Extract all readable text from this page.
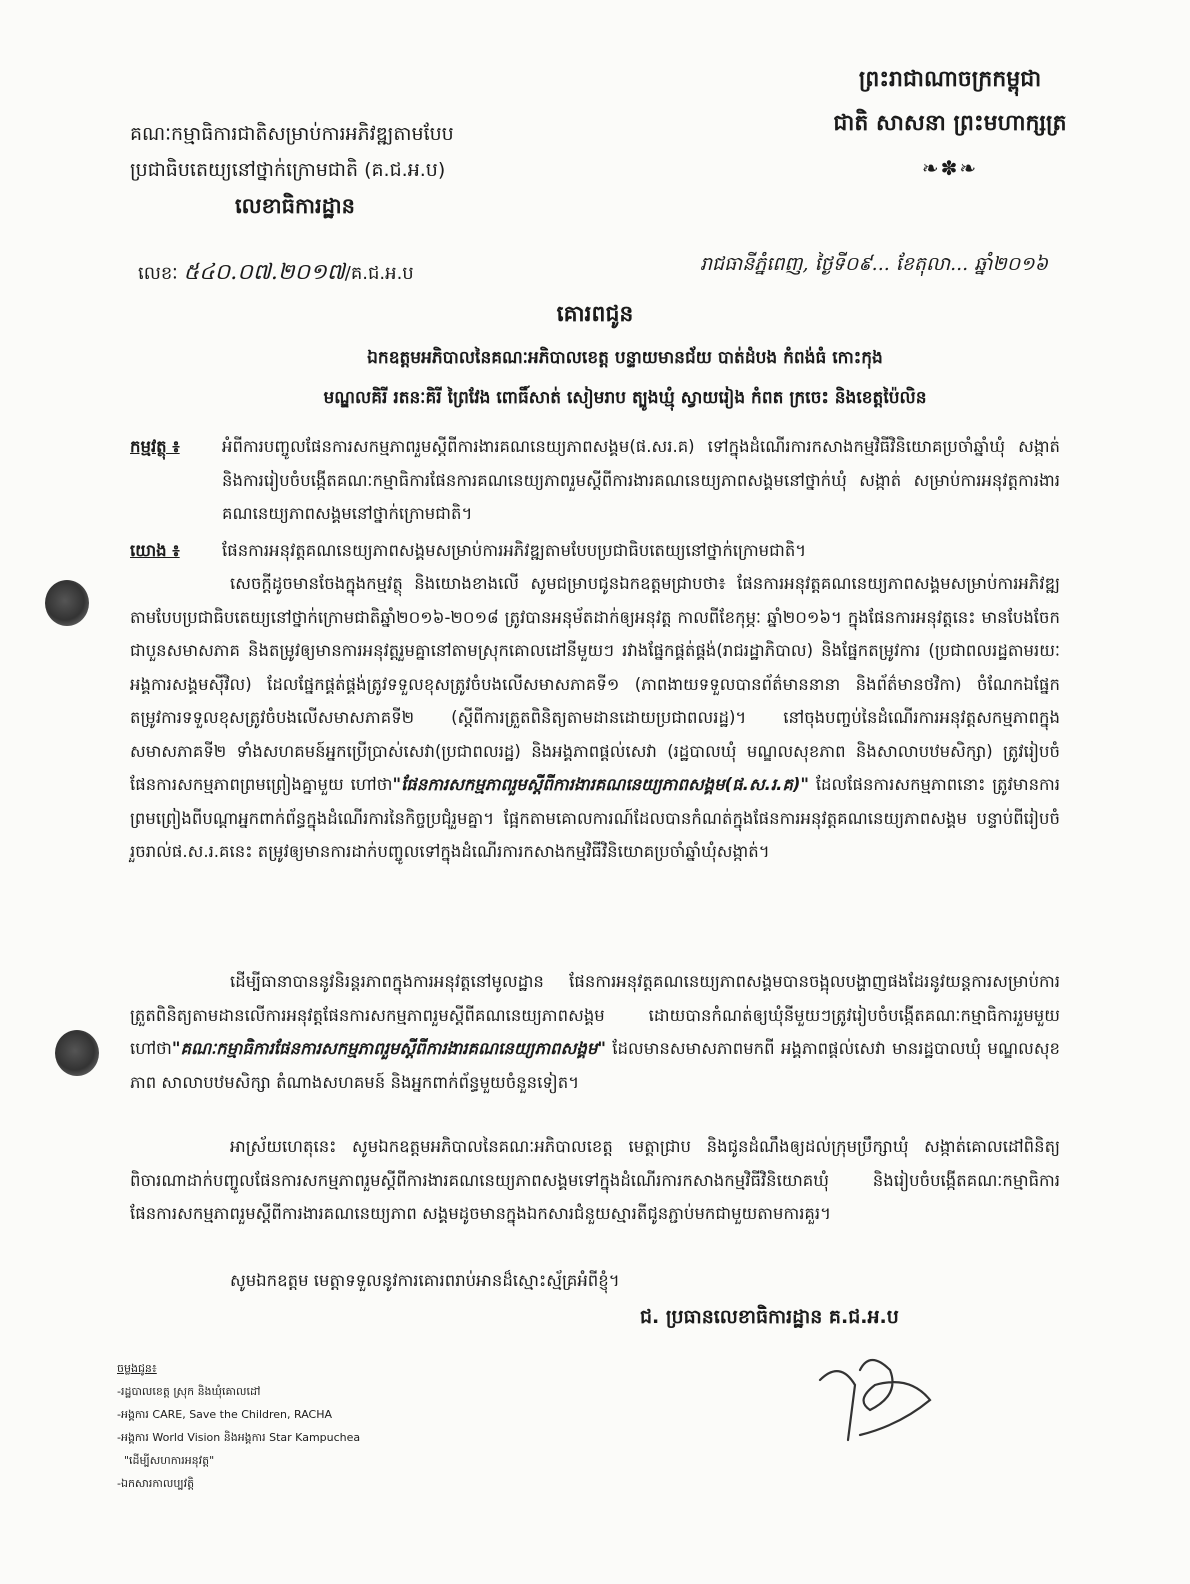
ព្រះរាជាណាចក្រកម្ពុជា
ជាតិ សាសនា ព្រះមហាក្សត្រ
❧✽❧
គណៈកម្មាធិការជាតិសម្រាប់ការអភិវឌ្ឍតាមបែប
ប្រជាធិបតេយ្យនៅថ្នាក់ក្រោមជាតិ (គ.ជ.អ.ប)
លេខាធិការដ្ឋាន
លេខៈ ៥៤០.០៧.២០១៧/គ.ជ.អ.ប	រាជធានីភ្នំពេញ, ថ្ងៃទី០៩... ខែតុលា... ឆ្នាំ២០១៦
គោរពជូន
ឯកឧត្តមអភិបាលនៃគណៈអភិបាលខេត្ត បន្ទាយមានជ័យ បាត់ដំបង កំពង់ធំ កោះកុង
មណ្ឌលគិរី រតនៈគិរី ព្រៃវែង ពោធិ៍សាត់ សៀមរាប ត្បូងឃ្មុំ ស្វាយរៀង កំពត ក្រចេះ និងខេត្តប៉ៃលិន
កម្មវត្ថុ ៖	អំពីការបញ្ចូលផែនការសកម្មភាពរួមស្តីពីការងារគណនេយ្យភាពសង្គម(ផ.សរ.គ) ទៅក្នុងដំណើរការកសាងកម្មវិធីវិនិយោគប្រចាំឆ្នាំឃុំ សង្កាត់ និងការរៀបចំបង្កើតគណៈកម្មាធិការផែនការគណនេយ្យភាពរួមស្តីពីការងារគណនេយ្យភាពសង្គមនៅថ្នាក់ឃុំ សង្កាត់ សម្រាប់ការអនុវត្តការងារគណនេយ្យភាពសង្គមនៅថ្នាក់ក្រោមជាតិ។
យោង ៖	ផែនការអនុវត្តគណនេយ្យភាពសង្គមសម្រាប់ការអភិវឌ្ឍតាមបែបប្រជាធិបតេយ្យនៅថ្នាក់ក្រោមជាតិ។
សេចក្តីដូចមានចែងក្នុងកម្មវត្ថុ និងយោងខាងលើ សូមជម្រាបជូនឯកឧត្តមជ្រាបថា៖ ផែនការអនុវត្តគណនេយ្យភាពសង្គមសម្រាប់ការអភិវឌ្ឍតាមបែបប្រជាធិបតេយ្យនៅថ្នាក់ក្រោមជាតិឆ្នាំ២០១៦-២០១៨ ត្រូវបានអនុម័តដាក់ឲ្យអនុវត្ត កាលពីខែកុម្ភៈ ឆ្នាំ២០១៦។ ក្នុងផែនការអនុវត្តនេះ មានបែងចែកជាបួនសមាសភាគ និងតម្រូវឲ្យមានការអនុវត្តរួមគ្នានៅតាមស្រុកគោលដៅនីមួយៗ រវាងផ្នែកផ្គត់ផ្គង់(រាជរដ្ឋាភិបាល) និងផ្នែកតម្រូវការ (ប្រជាពលរដ្ឋតាមរយៈអង្គការសង្គមស៊ីវិល) ដែលផ្នែកផ្គត់ផ្គង់ត្រូវទទួលខុសត្រូវចំបងលើសមាសភាគទី១ (ភាពងាយទទួលបានព័ត៌មាននានា និងព័ត៌មានថវិកា) ចំណែកឯផ្នែកតម្រូវការទទួលខុសត្រូវចំបងលើសមាសភាគទី២ (ស្តីពីការត្រួតពិនិត្យតាមដានដោយប្រជាពលរដ្ឋ)។ នៅចុងបញ្ចប់នៃដំណើរការអនុវត្តសកម្មភាពក្នុងសមាសភាគទី២ ទាំងសហគមន៍អ្នកប្រើប្រាស់សេវា(ប្រជាពលរដ្ឋ) និងអង្គភាពផ្តល់សេវា (រដ្ឋបាលឃុំ មណ្ឌលសុខភាព និងសាលាបឋមសិក្សា) ត្រូវរៀបចំផែនការសកម្មភាពព្រមព្រៀងគ្នាមួយ ហៅថា"ផែនការសកម្មភាពរួមស្តីពីការងារគណនេយ្យភាពសង្គម(ផ.ស.រ.គ)" ដែលផែនការសកម្មភាពនោះ ត្រូវមានការព្រមព្រៀងពីបណ្តាអ្នកពាក់ព័ន្ធក្នុងដំណើរការនៃកិច្ចប្រជុំរួមគ្នា។ ផ្អែកតាមគោលការណ៍ដែលបានកំណត់ក្នុងផែនការអនុវត្តគណនេយ្យភាពសង្គម បន្ទាប់ពីរៀបចំរួចរាល់ផ.ស.រ.គនេះ តម្រូវឲ្យមានការដាក់បញ្ចូលទៅក្នុងដំណើរការកសាងកម្មវិធីវិនិយោគប្រចាំឆ្នាំឃុំសង្កាត់។
ដើម្បីធានាបាននូវនិរន្តរភាពក្នុងការអនុវត្តនៅមូលដ្ឋាន ផែនការអនុវត្តគណនេយ្យភាពសង្គមបានចង្អុលបង្ហាញផងដែរនូវយន្តការសម្រាប់ការត្រួតពិនិត្យតាមដានលើការអនុវត្តផែនការសកម្មភាពរួមស្តីពីគណនេយ្យភាពសង្គម ដោយបានកំណត់ឲ្យឃុំនីមួយៗត្រូវរៀបចំបង្កើតគណៈកម្មាធិការរួមមួយហៅថា"គណៈកម្មាធិការផែនការសកម្មភាពរួមស្តីពីការងារគណនេយ្យភាពសង្គម" ដែលមានសមាសភាពមកពី អង្គភាពផ្តល់សេវា មានរដ្ឋបាលឃុំ មណ្ឌលសុខភាព សាលាបឋមសិក្សា តំណាងសហគមន៍ និងអ្នកពាក់ព័ន្ធមួយចំនួនទៀត។
អាស្រ័យហេតុនេះ សូមឯកឧត្តមអភិបាលនៃគណៈអភិបាលខេត្ត មេត្តាជ្រាប និងជូនដំណឹងឲ្យដល់ក្រុមប្រឹក្សាឃុំ សង្កាត់គោលដៅពិនិត្យ ពិចារណាដាក់បញ្ចូលផែនការសកម្មភាពរួមស្តីពីការងារគណនេយ្យភាពសង្គមទៅក្នុងដំណើរការកសាងកម្មវិធីវិនិយោគឃុំ និងរៀបចំបង្កើតគណៈកម្មាធិការផែនការសកម្មភាពរួមស្តីពីការងារគណនេយ្យភាព សង្គមដូចមានក្នុងឯកសារជំនួយស្មារតីជូនភ្ជាប់មកជាមួយតាមការគួរ។
សូមឯកឧត្តម មេត្តាទទួលនូវការគោរពរាប់អានដ៏ស្មោះស្ម័គ្រអំពីខ្ញុំ។
ជ. ប្រធានលេខាធិការដ្ឋាន គ.ជ.អ.ប
ចម្លងជូន៖
-រដ្ឋបាលខេត្ត ស្រុក និងឃុំគោលដៅ
-អង្គការ CARE, Save the Children, RACHA
-អង្គការ World Vision និងអង្គការ Star Kampuchea
"ដើម្បីសហការអនុវត្ត"
-ឯកសារកាលប្បវត្តិ
